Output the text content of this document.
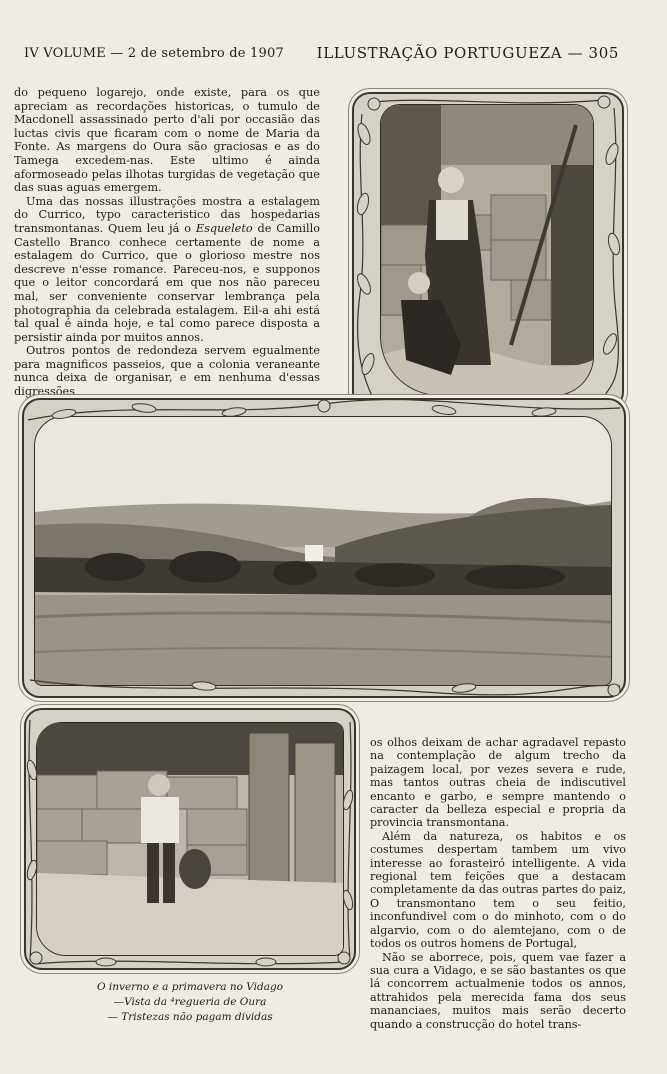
IV VOLUME — 2 de setembro de 1907 ILLUSTRAÇÃO PORTUGUEZA — 305

do pequeno logarejo, onde existe, para os que apreciam as recordações historicas, o tumulo de Macdonell assassinado perto d'ali por occasião das luctas civis que ficaram com o nome de Maria da Fonte. As margens do Oura são graciosas e as do Tamega excedem-nas. Este ultimo é ainda aformoseado pelas ilhotas turgidas de vegetação que das suas aguas emergem.

Uma das nossas illustrações mostra a estalagem do Currico, typo caracteristico das hospedarias transmontanas. Quem leu já o Esqueleto de Camillo Castello Branco conhece certamente de nome a estalagem do Currico, que o glorioso mestre nos descreve n'esse romance. Pareceu-nos, e supponos que o leitor concordará em que nos não pareceu mal, ser conveniente conservar lembrança pela photographia da celebrada estalagem. Eil-a ahi está tal qual é ainda hoje, e tal como parece disposta a persistir ainda por muitos annos.

Outros pontos de redondeza servem egualmente para magnificos passeios, que a colonia veraneante nunca deixa de organisar, e em nenhuma d'essas digressões

os olhos deixam de achar agradavel repasto na contemplação de algum trecho da paizagem local, por vezes severa e rude, mas tantos outras cheia de indiscutivel encanto e garbo, e sempre mantendo o caracter da belleza especial e propria da provincia transmontana.

Além da natureza, os habitos e os costumes despertam tambem um vivo interesse ao forasteiró intelligente. A vida regional tem feições que a destacam completamente da das outras partes do paiz, O transmontano tem o seu feitio, inconfundivel com o do minhoto, com o do algarvio, com o do alemtejano, com o de todos os outros homens de Portugal,

Não se aborrece, pois, quem vae fazer a sua cura a Vidago, e se são bastantes os que lá concorrem actualmenie todos os annos, attrahidos pela merecida fama dos seus mananciaes, muitos mais serão decerto quando a construcção do hotel trans-

O inverno e a primavera no Vidago
—Vista da ⁴regueria de Oura
— Tristezas não pagam dividas
